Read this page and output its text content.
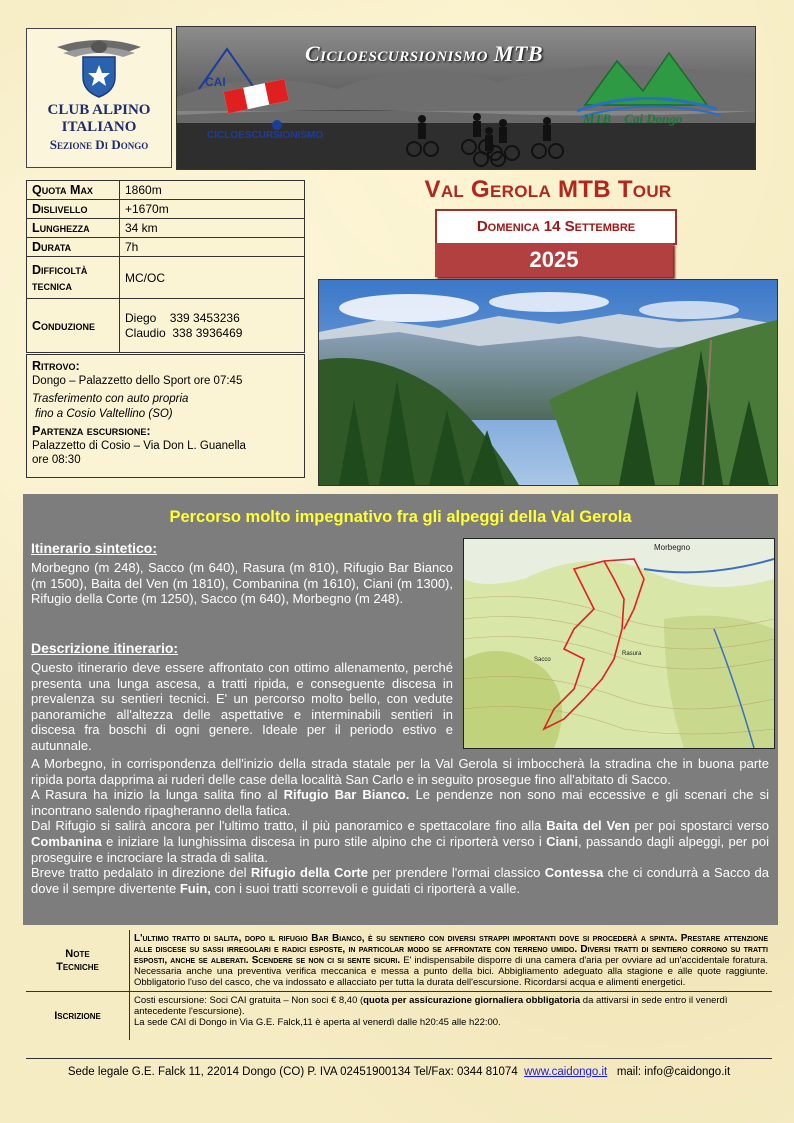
CLUB ALPINO
ITALIANO
Sezione Di Dongo
Cicloescursionismo MTB
CAI
CICLOESCURSIONISMO
MTB Cai Dongo
Quota Max	1860m
Dislivello	+1670m
Lunghezza	34 km
Durata	7h
Difficoltà tecnica	MC/OC
Conduzione	Diego 339 3453236
Claudio 338 3936469
Ritrovo:
Dongo – Palazzetto dello Sport ore 07:45
Trasferimento con auto propria
fino a Cosio Valtellino (SO)
Partenza escursione:
Palazzetto di Cosio – Via Don L. Guanella
ore 08:30
Val Gerola MTB Tour
Domenica 14 Settembre
2025
Percorso molto impegnativo fra gli alpeggi della Val Gerola
Itinerario sintetico:
Morbegno (m 248), Sacco (m 640), Rasura (m 810), Rifugio Bar Bianco (m 1500), Baita del Ven (m 1810), Combanina (m 1610), Ciani (m 1300), Rifugio della Corte (m 1250), Sacco (m 640), Morbegno (m 248).
Descrizione itinerario:
Questo itinerario deve essere affrontato con ottimo allenamento, perché presenta una lunga ascesa, a tratti ripida, e conseguente discesa in prevalenza su sentieri tecnici. E' un percorso molto bello, con vedute panoramiche all'altezza delle aspettative e interminabili sentieri in discesa fra boschi di ogni genere. Ideale per il periodo estivo e autunnale.
A Morbegno, in corrispondenza dell'inizio della strada statale per la Val Gerola si imboccherà la stradina che in buona parte ripida porta dapprima ai ruderi delle case della località San Carlo e in seguito prosegue fino all'abitato di Sacco.
A Rasura ha inizio la lunga salita fino al Rifugio Bar Bianco. Le pendenze non sono mai eccessive e gli scenari che si incontrano salendo ripagheranno della fatica.
Dal Rifugio si salirà ancora per l'ultimo tratto, il più panoramico e spettacolare fino alla Baita del Ven per poi spostarci verso Combanina e iniziare la lunghissima discesa in puro stile alpino che ci riporterà verso i Ciani, passando dagli alpeggi, per poi proseguire e incrociare la strada di salita.
Breve tratto pedalato in direzione del Rifugio della Corte per prendere l'ormai classico Contessa che ci condurrà a Sacco da dove il sempre divertente Fuin, con i suoi tratti scorrevoli e guidati ci riporterà a valle.
Morbegno
Rasura
Sacco
Note
Tecniche	L'ultimo tratto di salita, dopo il rifugio Bar Bianco, è su sentiero con diversi strappi importanti dove si procederà a spinta. Prestare attenzione alle discese su sassi irregolari e radici esposte, in particolar modo se affrontate con terreno umido. Diversi tratti di sentiero corrono su tratti esposti, anche se alberati. Scendere se non ci si sente sicuri. E' indispensabile disporre di una camera d'aria per ovviare ad un'accidentale foratura. Necessaria anche una preventiva verifica meccanica e messa a punto della bici. Abbigliamento adeguato alla stagione e alle quote raggiunte. Obbligatorio l'uso del casco, che va indossato e allacciato per tutta la durata dell'escursione. Ricordarsi acqua e alimenti energetici.
Iscrizione	Costi escursione: Soci CAI gratuita – Non soci € 8,40 (quota per assicurazione giornaliera obbligatoria da attivarsi in sede entro il venerdì antecedente l'escursione).
La sede CAI di Dongo in Via G.E. Falck,11 è aperta al venerdì dalle h20:45 alle h22:00.
Sede legale G.E. Falck 11, 22014 Dongo (CO) P. IVA 02451900134 Tel/Fax: 0344 81074 www.caidongo.it mail: info@caidongo.it
